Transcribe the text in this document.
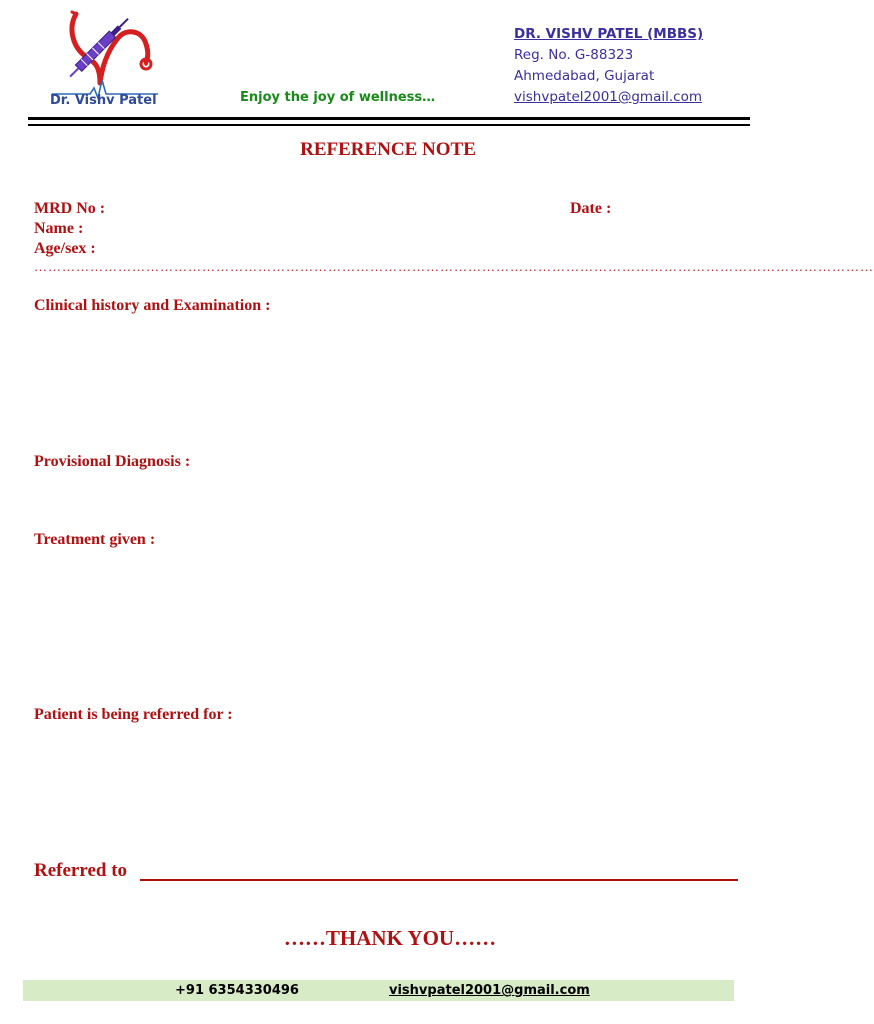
Dr. Vishv Patel	Enjoy the joy of wellness…
DR. VISHV PATEL (MBBS)
Reg. No. G-88323
Ahmedabad, Gujarat
vishvpatel2001@gmail.com
REFERENCE NOTE
MRD No :	Date :
Name :
Age/sex :
………………………………………………………………………………………………………………………………………………………………
Clinical history and Examination :
Provisional Diagnosis :
Treatment given :
Patient is being referred for :
Referred to
……THANK YOU……
+91 6354330496	vishvpatel2001@gmail.com
